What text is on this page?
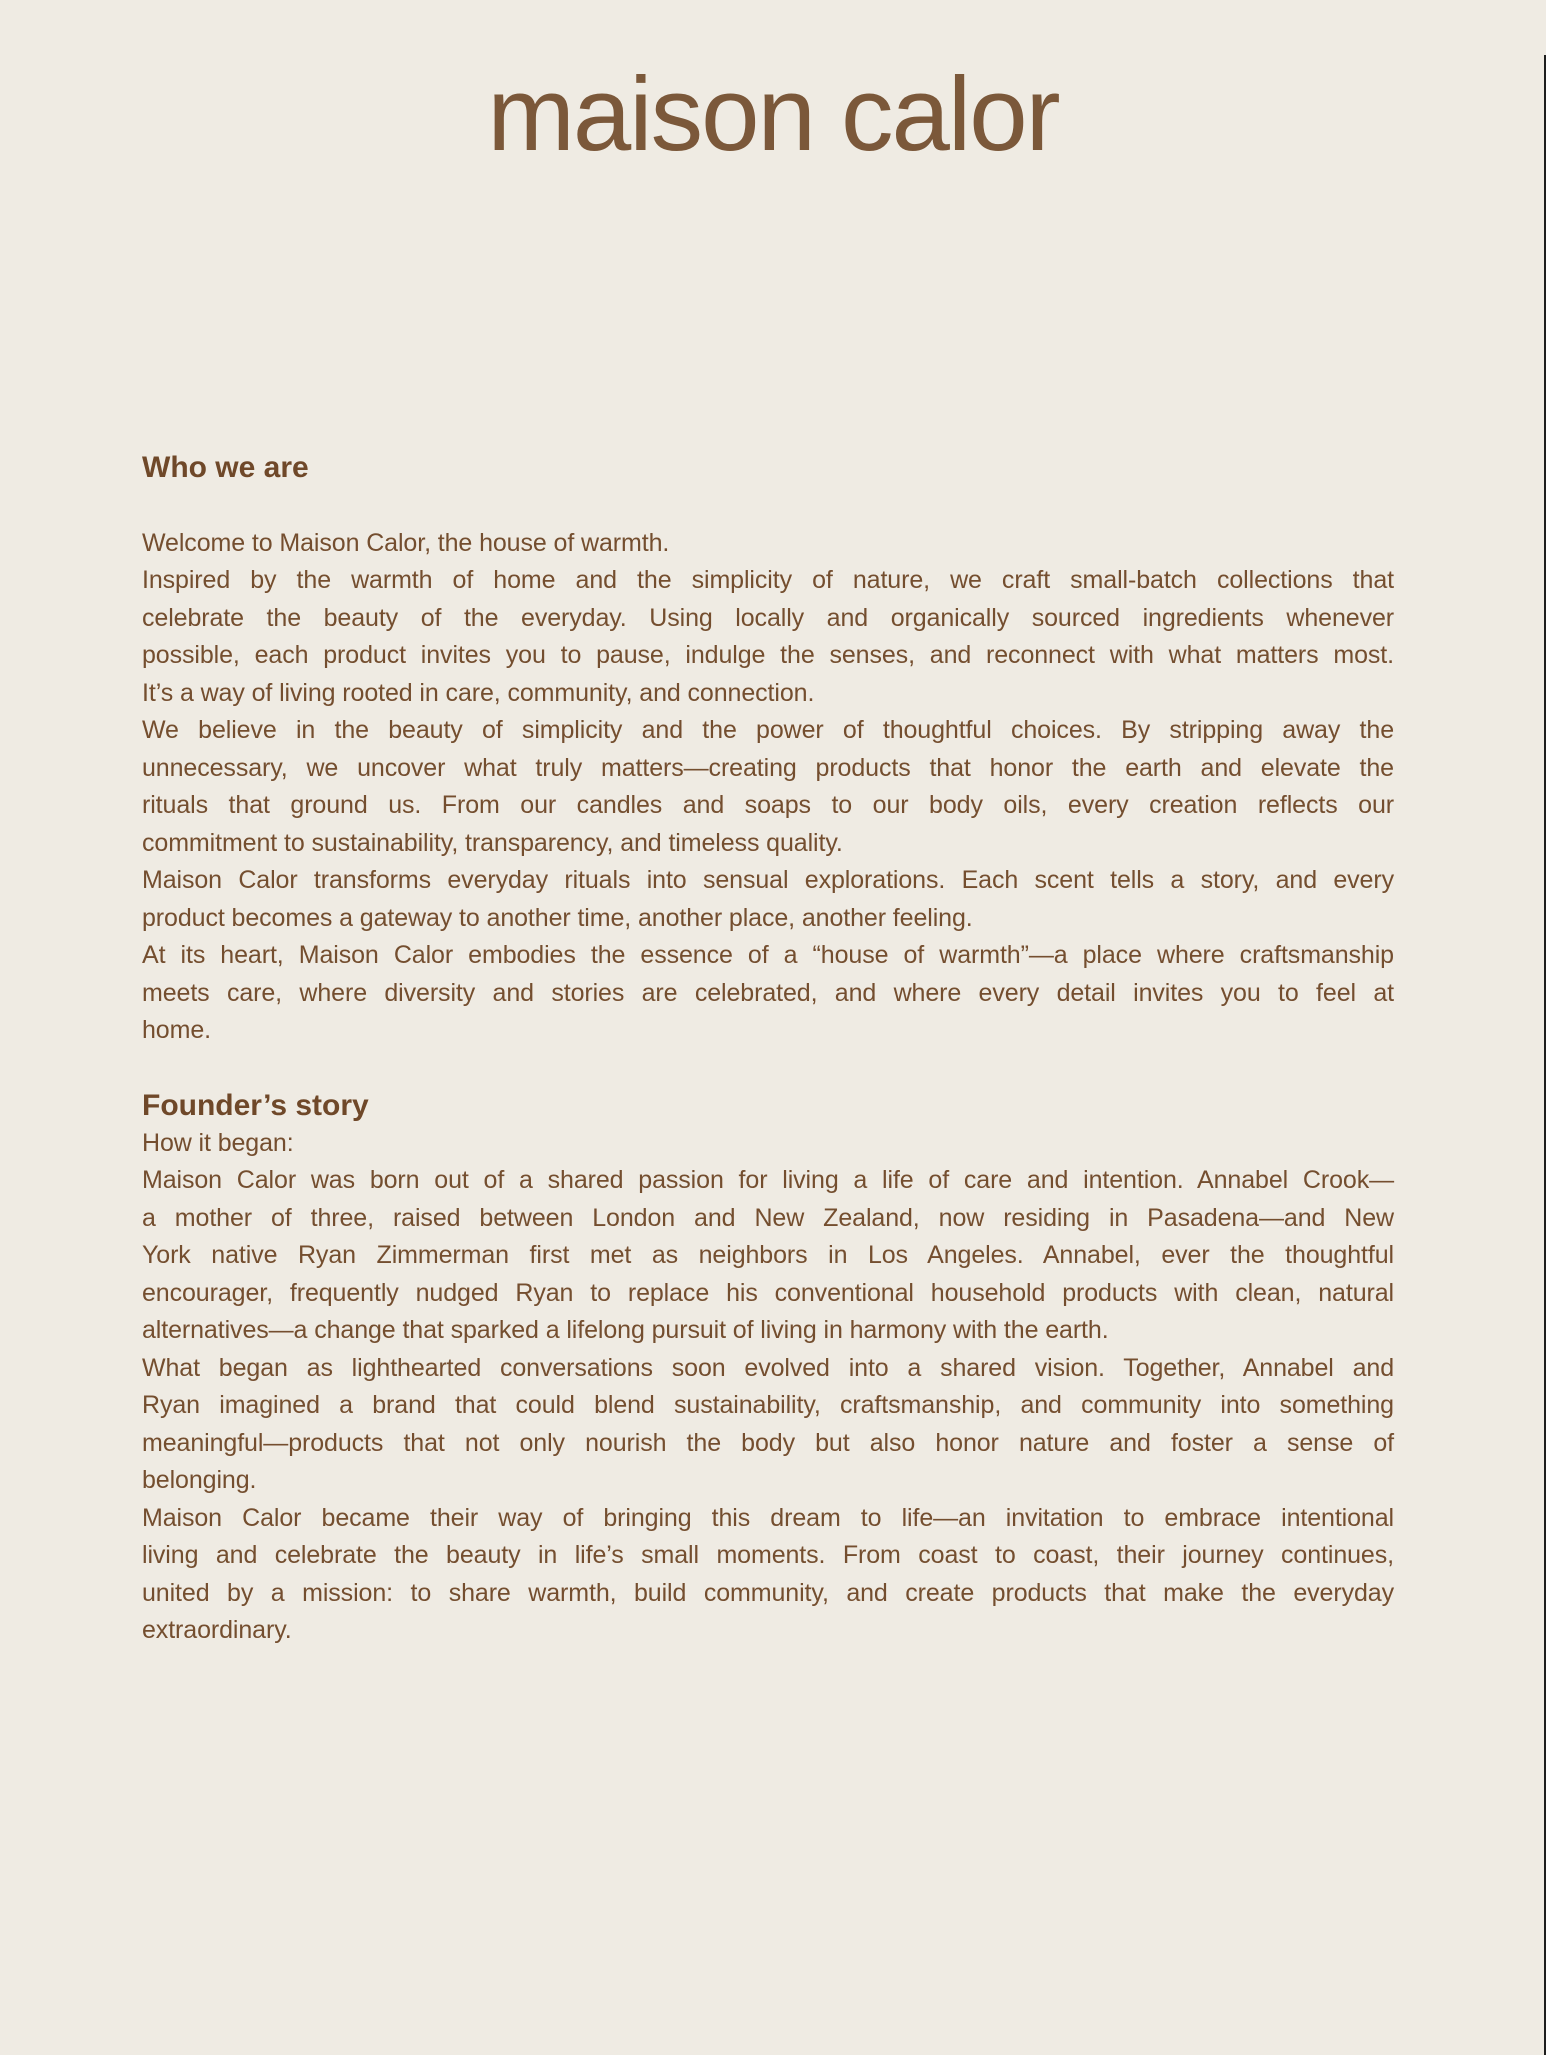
maison calor
Who we are
Welcome to Maison Calor, the house of warmth.
Inspired by the warmth of home and the simplicity of nature, we craft small-batch collections that
celebrate the beauty of the everyday. Using locally and organically sourced ingredients whenever
possible, each product invites you to pause, indulge the senses, and reconnect with what matters most.
It’s a way of living rooted in care, community, and connection.
We believe in the beauty of simplicity and the power of thoughtful choices. By stripping away the
unnecessary, we uncover what truly matters—creating products that honor the earth and elevate the
rituals that ground us. From our candles and soaps to our body oils, every creation reflects our
commitment to sustainability, transparency, and timeless quality.
Maison Calor transforms everyday rituals into sensual explorations. Each scent tells a story, and every
product becomes a gateway to another time, another place, another feeling.
At its heart, Maison Calor embodies the essence of a “house of warmth”—a place where craftsmanship
meets care, where diversity and stories are celebrated, and where every detail invites you to feel at
home.
Founder’s story
How it began:
Maison Calor was born out of a shared passion for living a life of care and intention. Annabel Crook—
a mother of three, raised between London and New Zealand, now residing in Pasadena—and New
York native Ryan Zimmerman first met as neighbors in Los Angeles. Annabel, ever the thoughtful
encourager, frequently nudged Ryan to replace his conventional household products with clean, natural
alternatives—a change that sparked a lifelong pursuit of living in harmony with the earth.
What began as lighthearted conversations soon evolved into a shared vision. Together, Annabel and
Ryan imagined a brand that could blend sustainability, craftsmanship, and community into something
meaningful—products that not only nourish the body but also honor nature and foster a sense of
belonging.
Maison Calor became their way of bringing this dream to life—an invitation to embrace intentional
living and celebrate the beauty in life’s small moments. From coast to coast, their journey continues,
united by a mission: to share warmth, build community, and create products that make the everyday
extraordinary.
